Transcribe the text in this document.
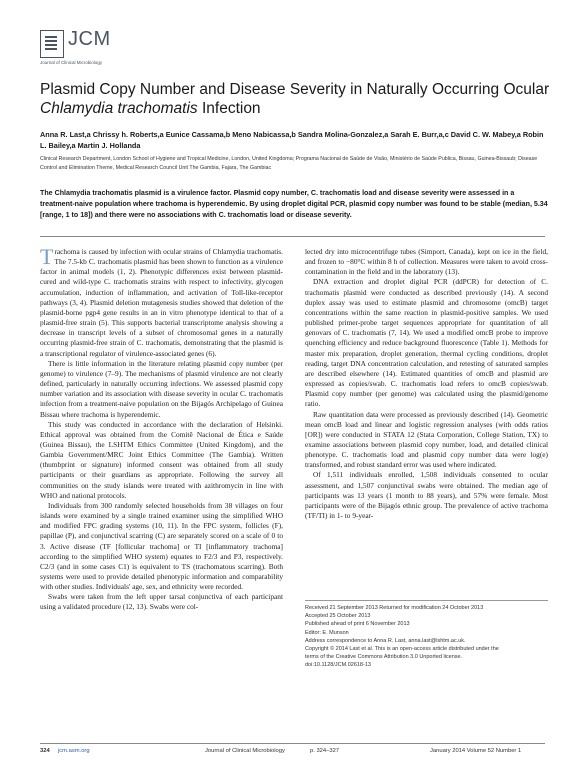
JCM
Journal of Clinical Microbiology
Plasmid Copy Number and Disease Severity in Naturally Occurring Ocular Chlamydia trachomatis Infection
Anna R. Last,a Chrissy h. Roberts,a Eunice Cassama,b Meno Nabicassa,b Sandra Molina-Gonzalez,a Sarah E. Burr,a,c David C. W. Mabey,a Robin L. Bailey,a Martin J. Hollanda
Clinical Research Department, London School of Hygiene and Tropical Medicine, London, United Kingdoma; Programa Nacional de Saúde de Visão, Ministério de Saúde Publica, Bissau, Guinea-Bissaub; Disease Control and Elimination Theme, Medical Research Council Unit The Gambia, Fajara, The Gambiac
The Chlamydia trachomatis plasmid is a virulence factor. Plasmid copy number, C. trachomatis load and disease severity were assessed in a treatment-naive population where trachoma is hyperendemic. By using droplet digital PCR, plasmid copy number was found to be stable (median, 5.34 [range, 1 to 18]) and there were no associations with C. trachomatis load or disease severity.

Trachoma is caused by infection with ocular strains of Chlamydia trachomatis. The 7.5-kb C. trachomatis plasmid has been shown to function as a virulence factor in animal models (1, 2). Phenotypic differences exist between plasmid-cured and wild-type C. trachomatis strains with respect to infectivity, glycogen accumulation, induction of inflammation, and activation of Toll-like-receptor pathways (3, 4). Plasmid deletion mutagenesis studies showed that deletion of the plasmid-borne pgp4 gene results in an in vitro phenotype identical to that of a plasmid-free strain (5). This supports bacterial transcriptome analysis showing a decrease in transcript levels of a subset of chromosomal genes in a naturally occurring plasmid-free strain of C. trachomatis, demonstrating that the plasmid is a transcriptional regulator of virulence-associated genes (6).

There is little information in the literature relating plasmid copy number (per genome) to virulence (7–9). The mechanisms of plasmid virulence are not clearly defined, particularly in naturally occurring infections. We assessed plasmid copy number variation and its association with disease severity in ocular C. trachomatis infection from a treatment-naive population on the Bijagós Archipelago of Guinea Bissau where trachoma is hyperendemic.

This study was conducted in accordance with the declaration of Helsinki. Ethical approval was obtained from the Comitê Nacional de Ética e Saúde (Guinea Bissau), the LSHTM Ethics Committee (United Kingdom), and the Gambia Government/MRC Joint Ethics Committee (The Gambia). Written (thumbprint or signature) informed consent was obtained from all study participants or their guardians as appropriate. Following the survey all communities on the study islands were treated with azithromycin in line with WHO and national protocols.

Individuals from 300 randomly selected households from 38 villages on four islands were examined by a single trained examiner using the simplified WHO and modified FPC grading systems (10, 11). In the FPC system, follicles (F), papillae (P), and conjunctival scarring (C) are separately scored on a scale of 0 to 3. Active disease (TF [follicular trachoma] or TI [inflammatory trachoma] according to the simplified WHO system) equates to F2/3 and P3, respectively. C2/3 (and in some cases C1) is equivalent to TS (trachomatous scarring). Both systems were used to provide detailed phenotypic information and comparability with other studies. Individuals' age, sex, and ethnicity were recorded.

Swabs were taken from the left upper tarsal conjunctiva of each participant using a validated procedure (12, 13). Swabs were col-

lected dry into microcentrifuge tubes (Simport, Canada), kept on ice in the field, and frozen to −80°C within 8 h of collection. Measures were taken to avoid cross-contamination in the field and in the laboratory (13).

DNA extraction and droplet digital PCR (ddPCR) for detection of C. trachomatis plasmid were conducted as described previously (14). A second duplex assay was used to estimate plasmid and chromosome (omcB) target concentrations within the same reaction in plasmid-positive samples. We used published primer-probe target sequences appropriate for quantitation of all genovars of C. trachomatis (7, 14). We used a modified omcB probe to improve quenching efficiency and reduce background fluorescence (Table 1). Methods for master mix preparation, droplet generation, thermal cycling conditions, droplet reading, target DNA concentration calculation, and retesting of saturated samples are described elsewhere (14). Estimated quantities of omcB and plasmid are expressed as copies/swab. C. trachomatis load refers to omcB copies/swab. Plasmid copy number (per genome) was calculated using the plasmid/genome ratio.

Raw quantitation data were processed as previously described (14). Geometric mean omcB load and linear and logistic regression analyses (with odds ratios [OR]) were conducted in STATA 12 (Stata Corporation, College Station, TX) to examine associations between plasmid copy number, load, and detailed clinical phenotype. C. trachomatis load and plasmid copy number data were log(e) transformed, and robust standard error was used where indicated.

Of 1,511 individuals enrolled, 1,508 individuals consented to ocular assessment, and 1,507 conjunctival swabs were obtained. The median age of participants was 13 years (1 month to 88 years), and 57% were female. Most participants were of the Bijagós ethnic group. The prevalence of active trachoma (TF/TI) in 1- to 9-year-

Received 21 September 2013 Returned for modification 24 October 2013
Accepted 25 October 2013
Published ahead of print 6 November 2013
Editor: E. Munson
Address correspondence to Anna R. Last, anna.last@lshtm.ac.uk.
Copyright © 2014 Last et al. This is an open-access article distributed under the
terms of the Creative Commons Attribution 3.0 Unported license.
doi:10.1128/JCM.02618-13
324 jcm.asm.org	Journal of Clinical Microbiology	p. 324–327	January 2014 Volume 52 Number 1
